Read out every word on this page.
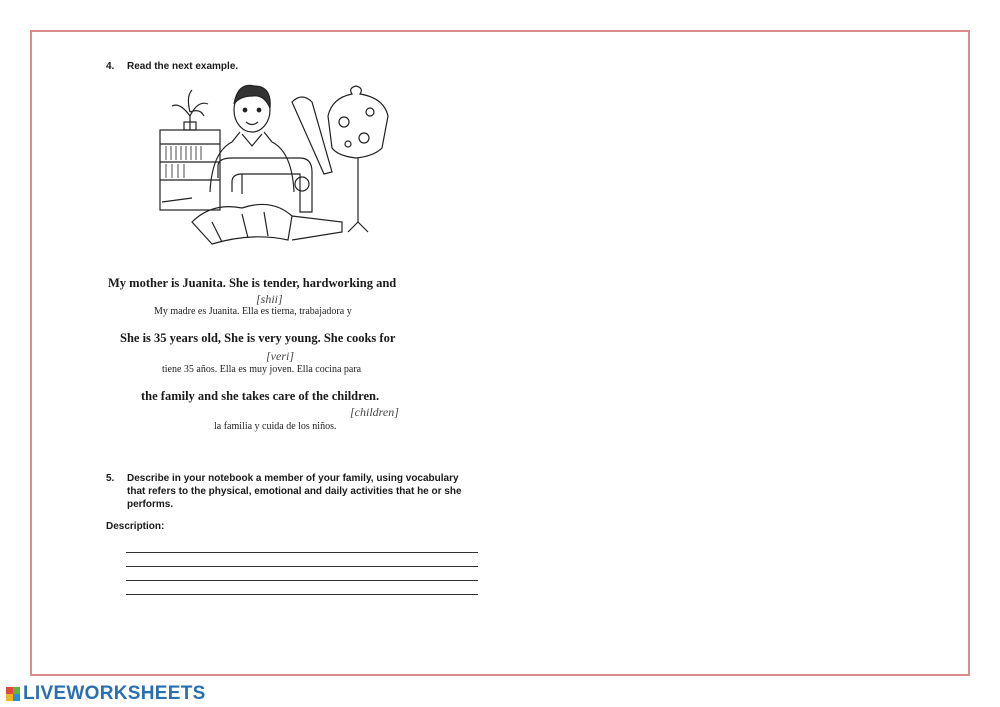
4. Read the next example.
My mother is Juanita. She is tender, hardworking and
[shii]
My madre es Juanita. Ella es tierna, trabajadora y
She is 35 years old, She is very young. She cooks for
[veri]
tiene 35 años. Ella es muy joven. Ella cocina para
the family and she takes care of the children.
[children]
la familia y cuida de los niños.
5. Describe in your notebook a member of your family, using vocabulary
that refers to the physical, emotional and daily activities that he or she
performs.
Description:
LIVEWORKSHEETS
